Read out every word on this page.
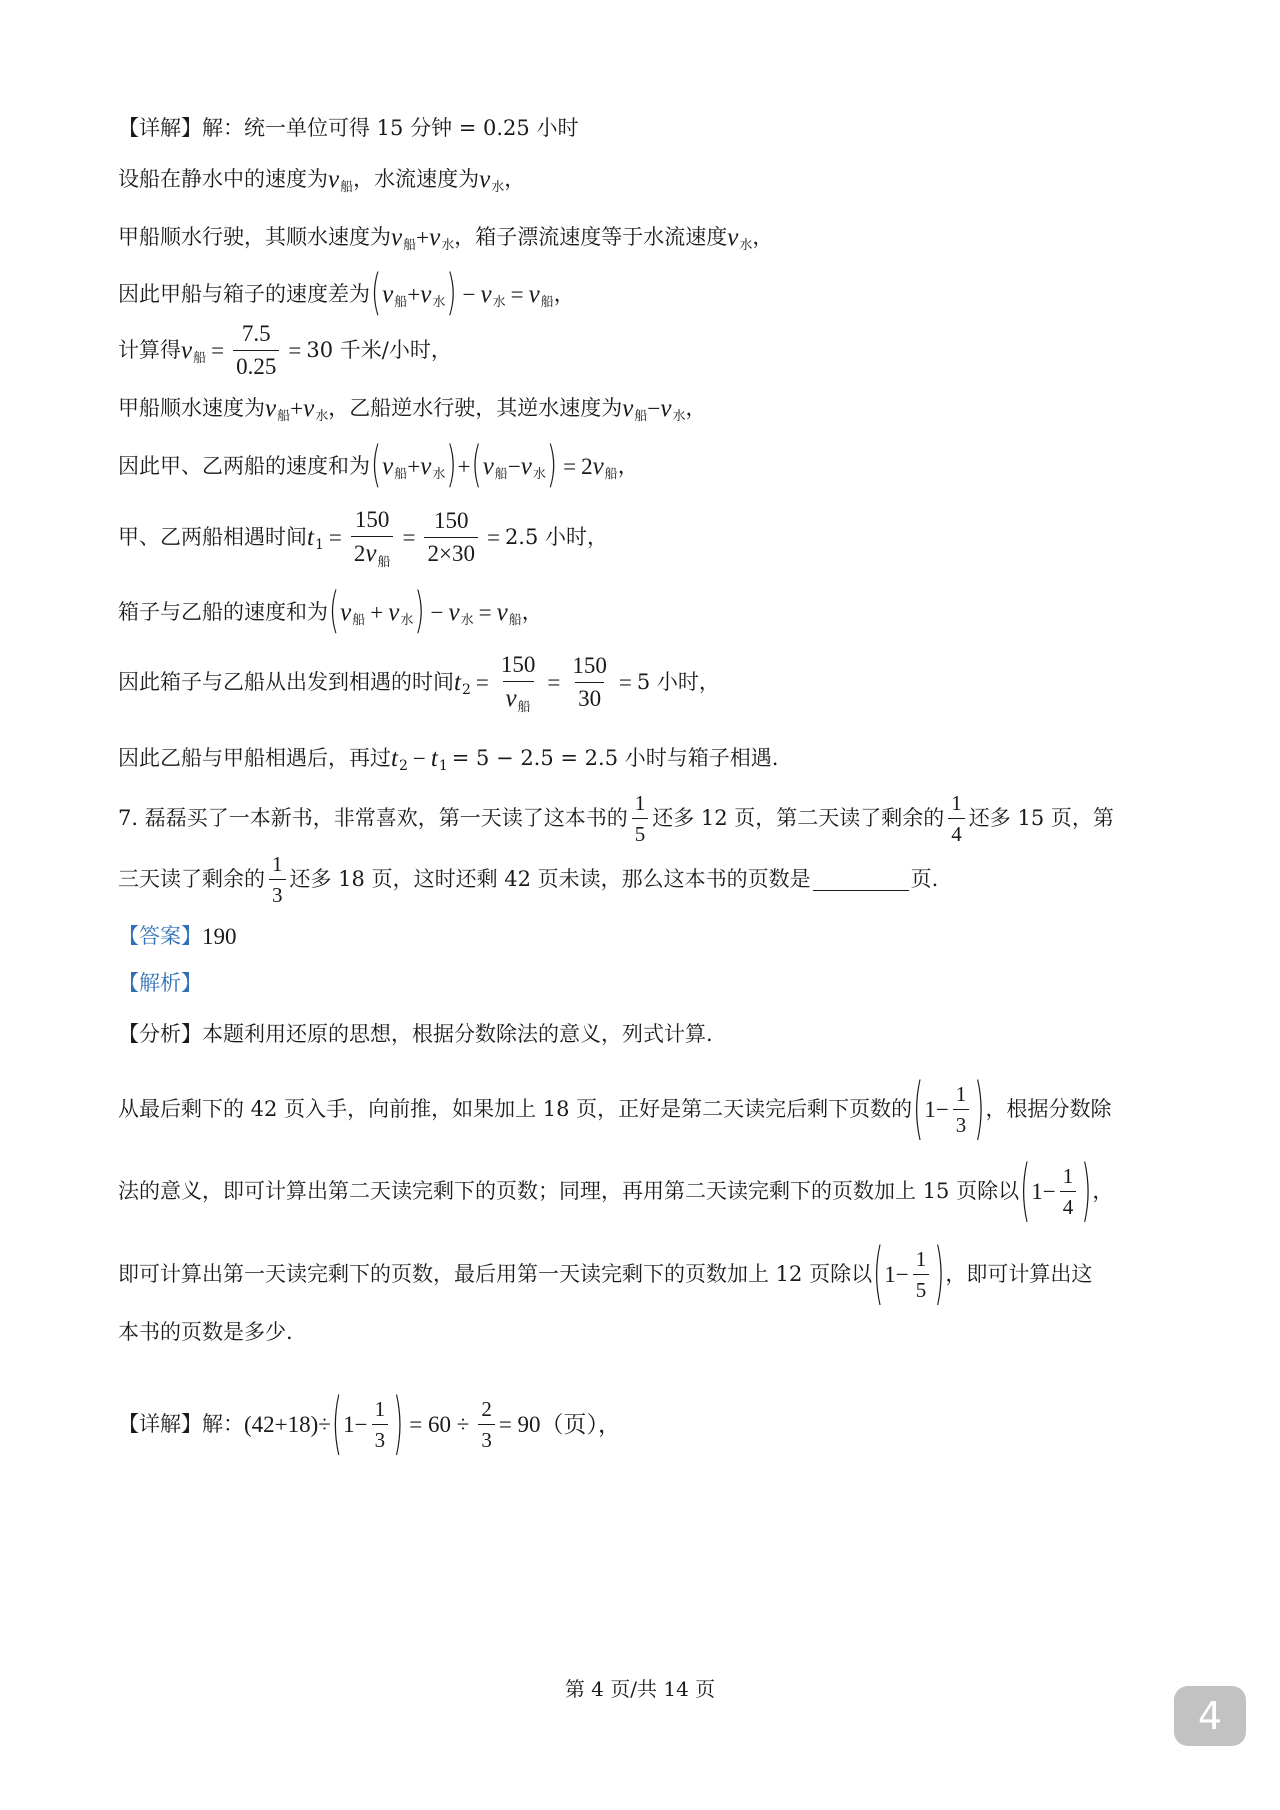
【详解】 解：统一单位可得 15 分钟 = 0.25 小时
设船在静水中的速度为 v 船 ，水流速度为 v 水 ，
甲船顺水行驶，其顺水速度为 v 船 + v 水 ，箱子漂流速度等于水流速度 v 水 ，
因此甲船与箱子的速度差为 ( v 船 + v 水 ) − v 水 = v 船 ，
计算得 v 船 = $\frac{7.5}{0.25} = 30$ 千米/小时，
甲船顺水速度为 v 船 + v 水 ，乙船逆水行驶，其逆水速度为 v 船 − v 水 ，
因此甲、乙两船的速度和为 ( v 船 + v 水 ) + ( v 船 − v 水 ) = 2 v 船 ，
甲、乙两船相遇时间 t $1 = \frac{150}{\text{2 v 船}} = \frac{150}{2\times 30} = 2.5$ 小时，
箱子与乙船的速度和为 ( v 船 + v 水 ) − v 水 = v 船 ，
因此箱子与乙船从出发到相遇的时间 t $2 = \frac{150}{\text{v 船}} = \frac{150}{30} = 5$ 小时，
因此乙船与甲船相遇后，再过 t 2 − t 1 = 5 − 2.5 = 2.5 小时与箱子相遇.
7. 磊磊买了一本新书，非常喜欢，第一天读了这本书的 $\frac{1}{5}$ 还多 12 页，第二天读了剩余的 $\frac{1}{4}$ 还多 15 页，第
三天读了剩余的 $\frac{1}{3}$ 还多 18 页，这时还剩 42 页未读，那么这本书的页数是	页.
【答案】 190
【解析】
【分析】 本题利用还原的思想，根据分数除法的意义，列式计算.
从最后剩下的 42 页入手，向前推，如果加上 18 页，正好是第二天读完后剩下页数的 ( $1- \frac{1}{3}$ ) ，根据分数除
法的意义，即可计算出第二天读完剩下的页数；同理，再用第二天读完剩下的页数加上 15 页除以 ( $1- \frac{1}{4}$ ) ，
即可计算出第一天读完剩下的页数，最后用第一天读完剩下的页数加上 12 页除以 ( $1- \frac{1}{5}$ ) ，即可计算出这
本书的页数是多少.
【详解】 解： (42+18)÷ ( $1- \frac{1}{3}$ ) = $60 \div \frac{2}{3} = 90$（页），
第 4 页/共 14 页
4
